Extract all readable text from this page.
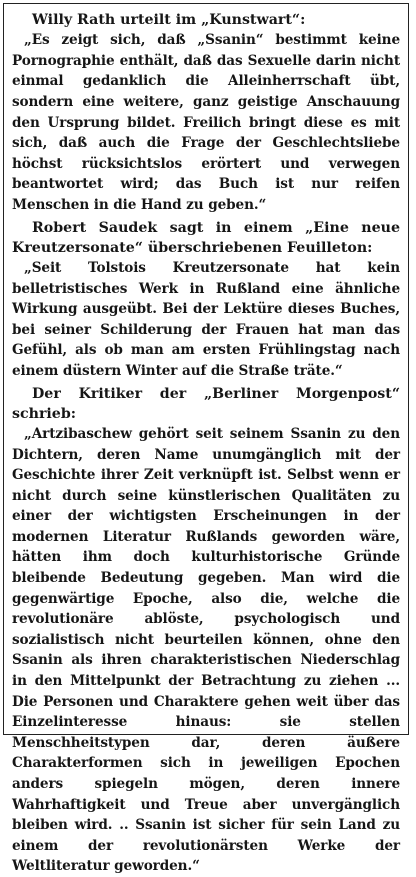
Willy Rath urteilt im „Kunstwart“:

„Es zeigt sich, daß „Ssanin“ bestimmt keine Pornographie enthält, daß das Sexuelle darin nicht einmal gedanklich die Alleinherrschaft übt, sondern eine weitere, ganz geistige Anschauung den Ursprung bildet. Freilich bringt diese es mit sich, daß auch die Frage der Geschlechtsliebe höchst rücksichtslos erörtert und verwegen beantwortet wird; das Buch ist nur reifen Menschen in die Hand zu geben.“

Robert Saudek sagt in einem „Eine neue Kreutzersonate“ überschriebenen Feuilleton:

„Seit Tolstois Kreutzersonate hat kein belletristisches Werk in Rußland eine ähnliche Wirkung ausgeübt. Bei der Lektüre dieses Buches, bei seiner Schilderung der Frauen hat man das Gefühl, als ob man am ersten Frühlingstag nach einem düstern Winter auf die Straße träte.“

Der Kritiker der „Berliner Morgenpost“ schrieb:

„Artzibaschew gehört seit seinem Ssanin zu den Dichtern, deren Name unumgänglich mit der Geschichte ihrer Zeit verknüpft ist. Selbst wenn er nicht durch seine künstlerischen Qualitäten zu einer der wichtigsten Erscheinungen in der modernen Literatur Rußlands geworden wäre, hätten ihm doch kulturhistorische Gründe bleibende Bedeutung gegeben. Man wird die gegenwärtige Epoche, also die, welche die revolutionäre ablöste, psychologisch und sozialistisch nicht beurteilen können, ohne den Ssanin als ihren charakteristischen Niederschlag in den Mittelpunkt der Betrachtung zu ziehen ... Die Personen und Charaktere gehen weit über das Einzelinteresse hinaus: sie stellen Menschheitstypen dar, deren äußere Charakterformen sich in jeweiligen Epochen anders spiegeln mögen, deren innere Wahrhaftigkeit und Treue aber unvergänglich bleiben wird. .. Ssanin ist sicher für sein Land zu einem der revolutionärsten Werke der Weltliteratur geworden.“
